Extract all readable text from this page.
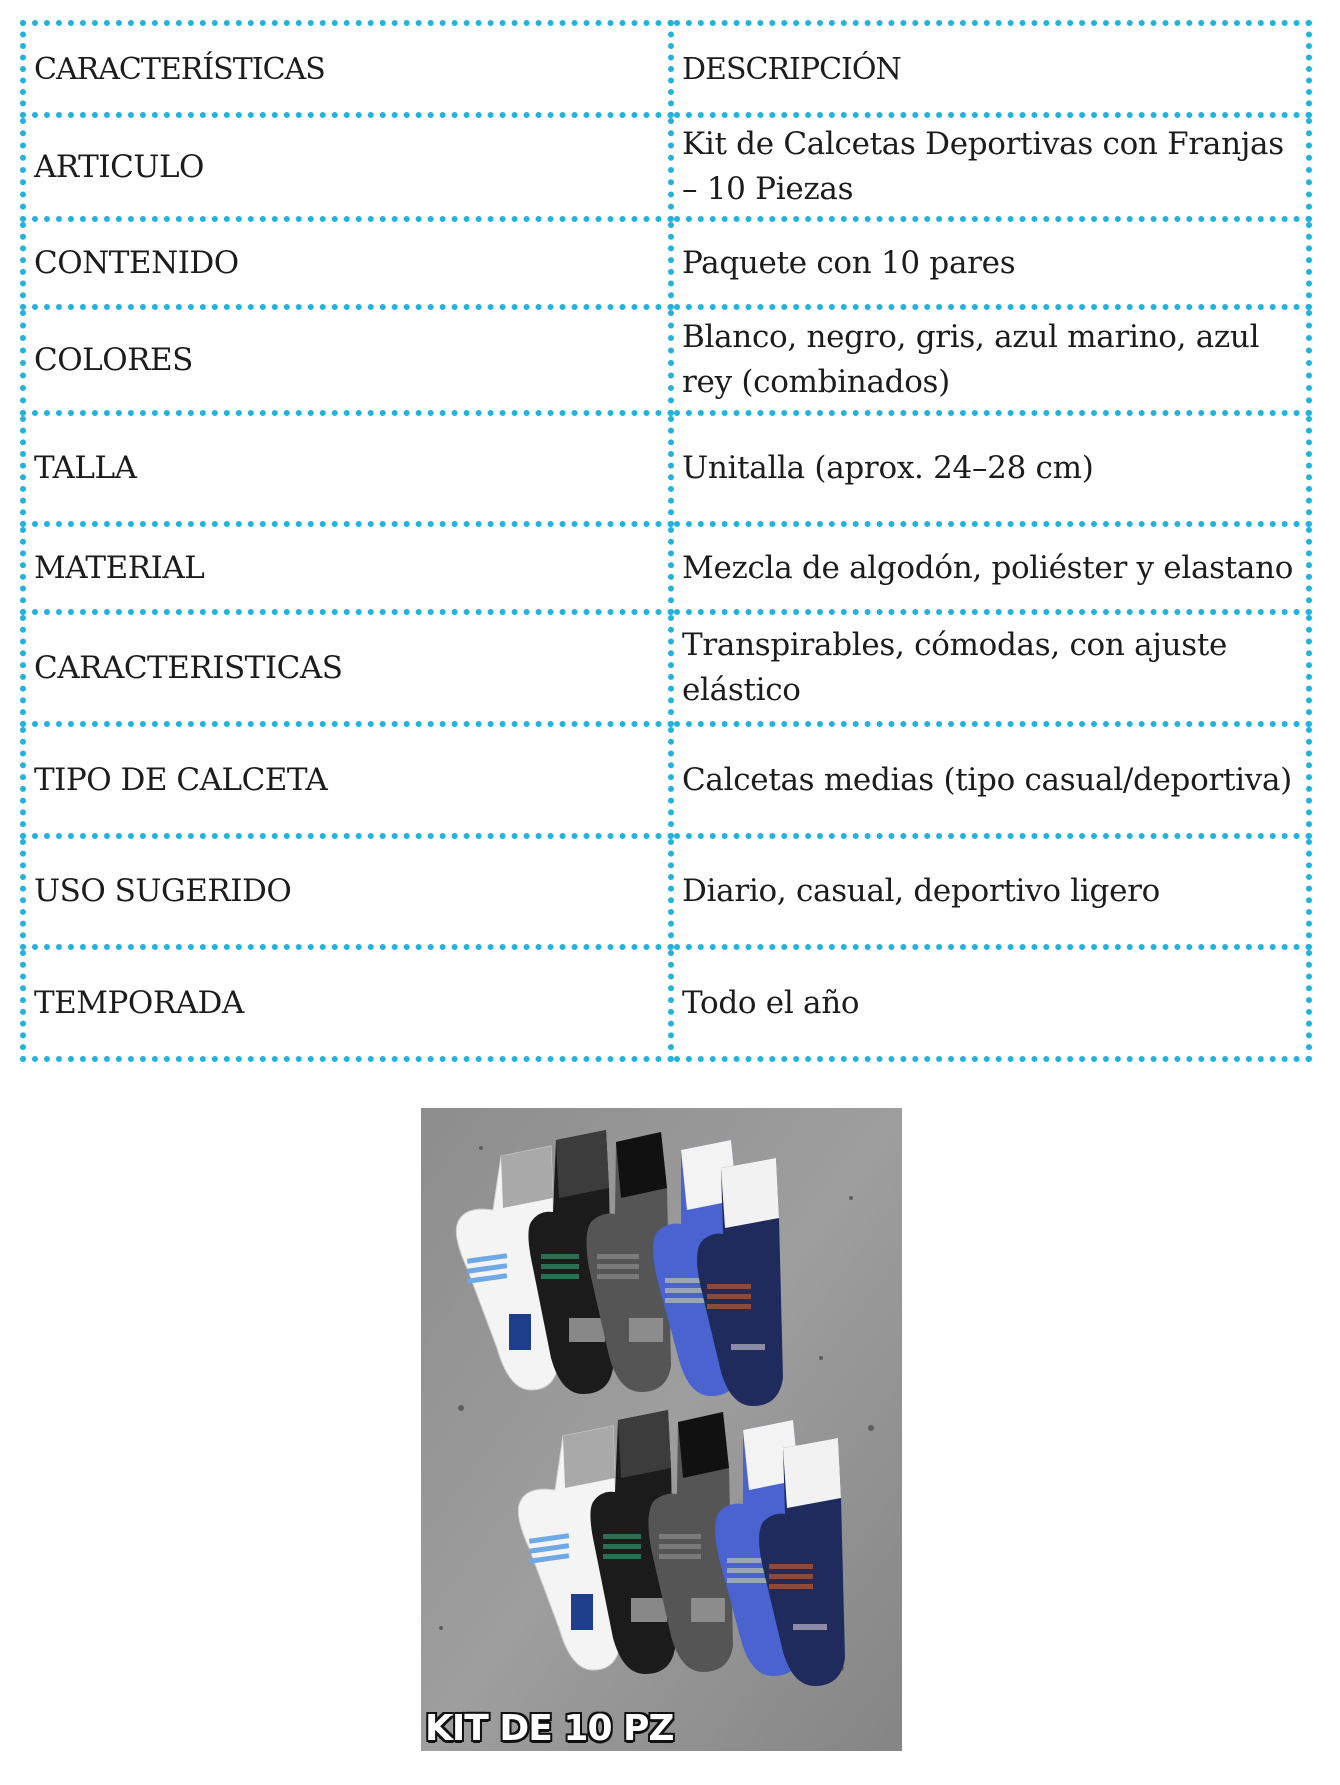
CARACTERÍSTICAS	DESCRIPCIÓN
ARTICULO	Kit de Calcetas Deportivas con Franjas – 10 Piezas
CONTENIDO	Paquete con 10 pares
COLORES	Blanco, negro, gris, azul marino, azul rey (combinados)
TALLA	Unitalla (aprox. 24–28 cm)
MATERIAL	Mezcla de algodón, poliéster y elastano
CARACTERISTICAS	Transpirables, cómodas, con ajuste elástico
TIPO DE CALCETA	Calcetas medias (tipo casual/deportiva)
USO SUGERIDO	Diario, casual, deportivo ligero
TEMPORADA	Todo el año
KIT DE 10 PZ
